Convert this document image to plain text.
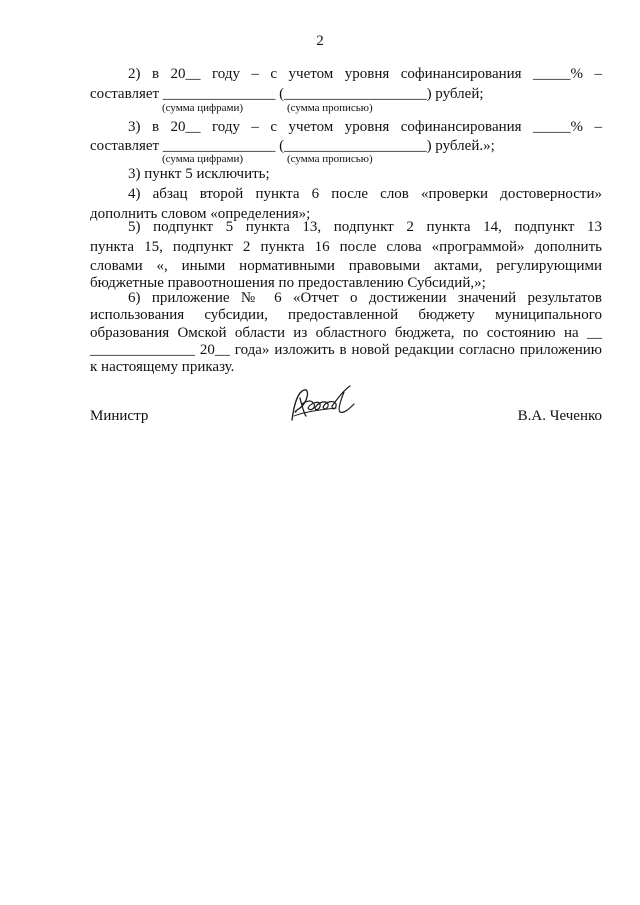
2
2) в 20__ году – с учетом уровня софинансирования _____% –
составляет _______________ (___________________) рублей;
(сумма цифрами)	(сумма прописью)
3) в 20__ году – с учетом уровня софинансирования _____% –
составляет _______________ (___________________) рублей.»;
(сумма цифрами)	(сумма прописью)
3) пункт 5 исключить;
4) абзац второй пункта 6 после слов «проверки достоверности»
дополнить словом «определения»;
5) подпункт 5 пункта 13, подпункт 2 пункта 14, подпункт 13
пункта 15, подпункт 2 пункта 16 после слова «программой» дополнить
словами «, иными нормативными правовыми актами, регулирующими
бюджетные правоотношения по предоставлению Субсидий,»;
6) приложение № 6 «Отчет о достижении значений результатов
использования субсидии, предоставленной бюджету муниципального
образования Омской области из областного бюджета, по состоянию на __
______________ 20__ года» изложить в новой редакции согласно приложению
к настоящему приказу.
Министр	В.А. Чеченко
